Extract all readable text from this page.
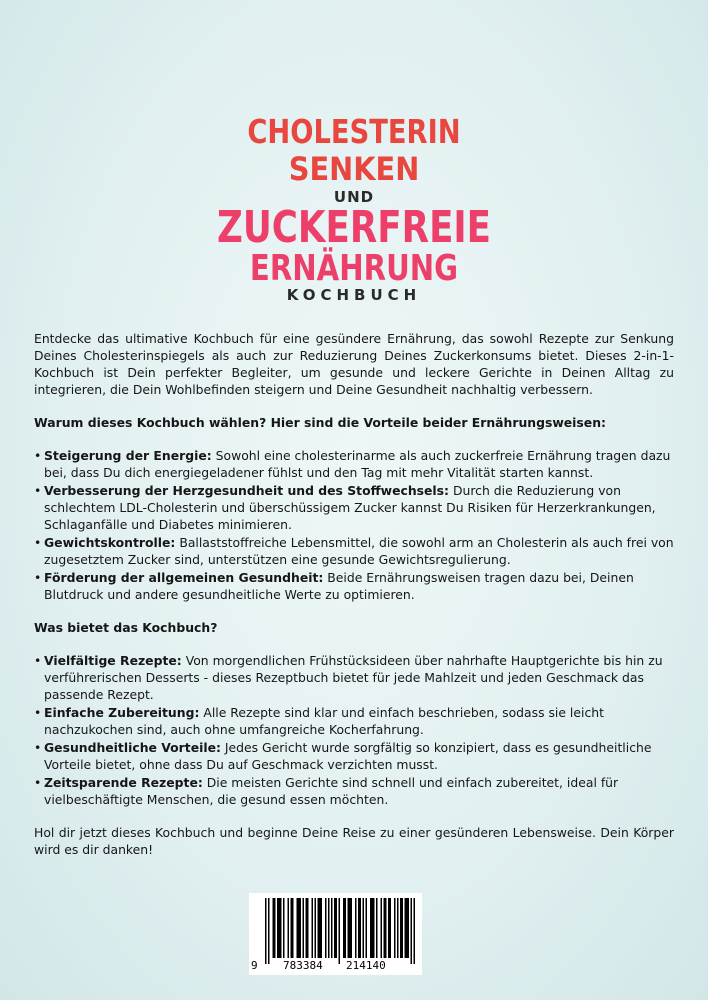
CHOLESTERIN
SENKEN
UND
ZUCKERFREIE
ERNÄHRUNG
KOCHBUCH

Entdecke das ultimative Kochbuch für eine gesündere Ernährung, das sowohl Rezepte zur Senkung Deines Cholesterinspiegels als auch zur Reduzierung Deines Zuckerkonsums bietet. Dieses 2-in-1-Kochbuch ist Dein perfekter Begleiter, um gesunde und leckere Gerichte in Deinen Alltag zu integrieren, die Dein Wohlbefinden steigern und Deine Gesundheit nachhaltig verbessern.

Warum dieses Kochbuch wählen? Hier sind die Vorteile beider Ernährungsweisen:

• Steigerung der Energie: Sowohl eine cholesterinarme als auch zuckerfreie Ernährung tragen dazu bei, dass Du dich energiegeladener fühlst und den Tag mit mehr Vitalität starten kannst.
• Verbesserung der Herzgesundheit und des Stoffwechsels: Durch die Reduzierung von schlechtem LDL-Cholesterin und überschüssigem Zucker kannst Du Risiken für Herzerkrankungen, Schlaganfälle und Diabetes minimieren.
• Gewichtskontrolle: Ballaststoffreiche Lebensmittel, die sowohl arm an Cholesterin als auch frei von zugesetztem Zucker sind, unterstützen eine gesunde Gewichtsregulierung.
• Förderung der allgemeinen Gesundheit: Beide Ernährungsweisen tragen dazu bei, Deinen Blutdruck und andere gesundheitliche Werte zu optimieren.

Was bietet das Kochbuch?

• Vielfältige Rezepte: Von morgendlichen Frühstücksideen über nahrhafte Hauptgerichte bis hin zu verführerischen Desserts - dieses Rezeptbuch bietet für jede Mahlzeit und jeden Geschmack das passende Rezept.
• Einfache Zubereitung: Alle Rezepte sind klar und einfach beschrieben, sodass sie leicht nachzukochen sind, auch ohne umfangreiche Kocherfahrung.
• Gesundheitliche Vorteile: Jedes Gericht wurde sorgfältig so konzipiert, dass es gesundheitliche Vorteile bietet, ohne dass Du auf Geschmack verzichten musst.
• Zeitsparende Rezepte: Die meisten Gerichte sind schnell und einfach zubereitet, ideal für vielbeschäftigte Menschen, die gesund essen möchten.

Hol dir jetzt dieses Kochbuch und beginne Deine Reise zu einer gesünderen Lebensweise. Dein Körper wird es dir danken!

9 783384 214140
